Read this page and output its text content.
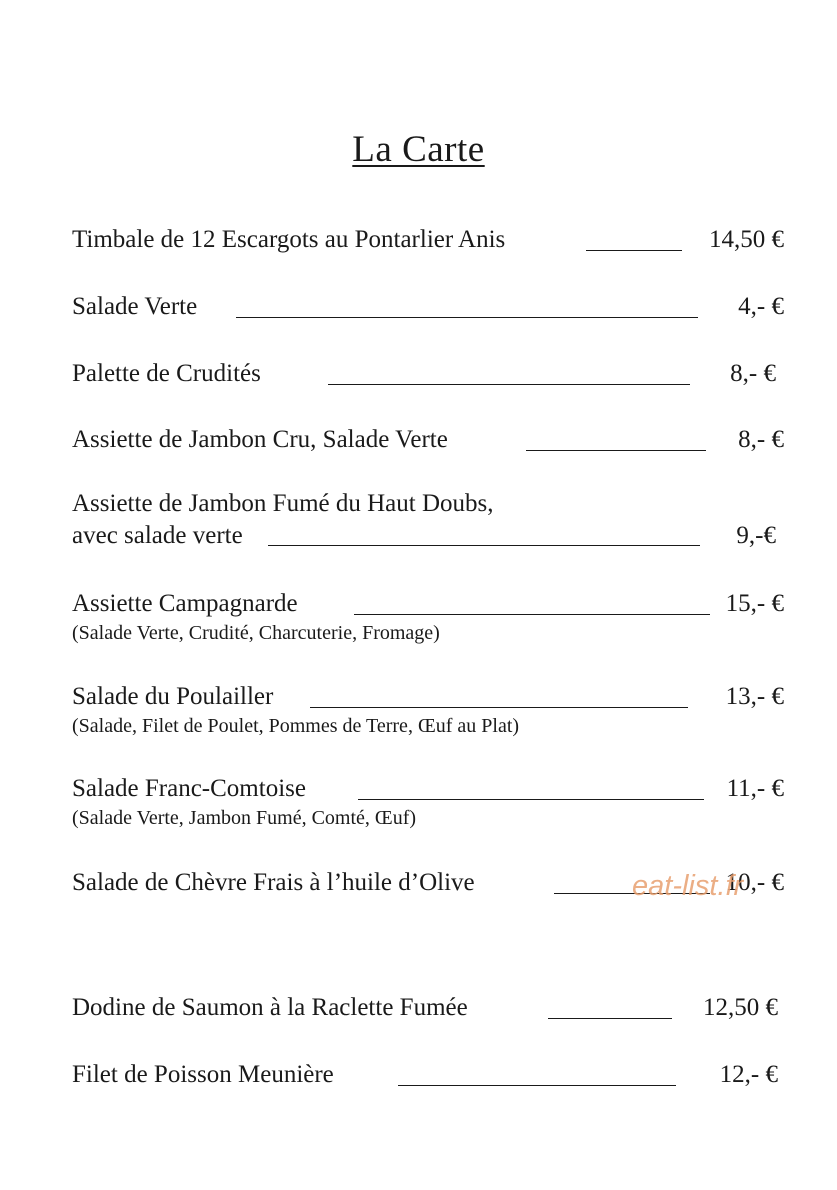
La Carte
Timbale de 12 Escargots au Pontarlier Anis	14,50 €
Salade Verte	4,- €
Palette de Crudités	8,- €
Assiette de Jambon Cru, Salade Verte	8,- €
Assiette de Jambon Fumé du Haut Doubs,
avec salade verte	9,-€
Assiette Campagnarde	15,- €
(Salade Verte, Crudité, Charcuterie, Fromage)
Salade du Poulailler	13,- €
(Salade, Filet de Poulet, Pommes de Terre, Œuf au Plat)
Salade Franc-Comtoise	11,- €
(Salade Verte, Jambon Fumé, Comté, Œuf)
Salade de Chèvre Frais à l’huile d’Olive	10,- €
Dodine de Saumon à la Raclette Fumée	12,50 €
Filet de Poisson Meunière	12,- €
eat-list.fr
